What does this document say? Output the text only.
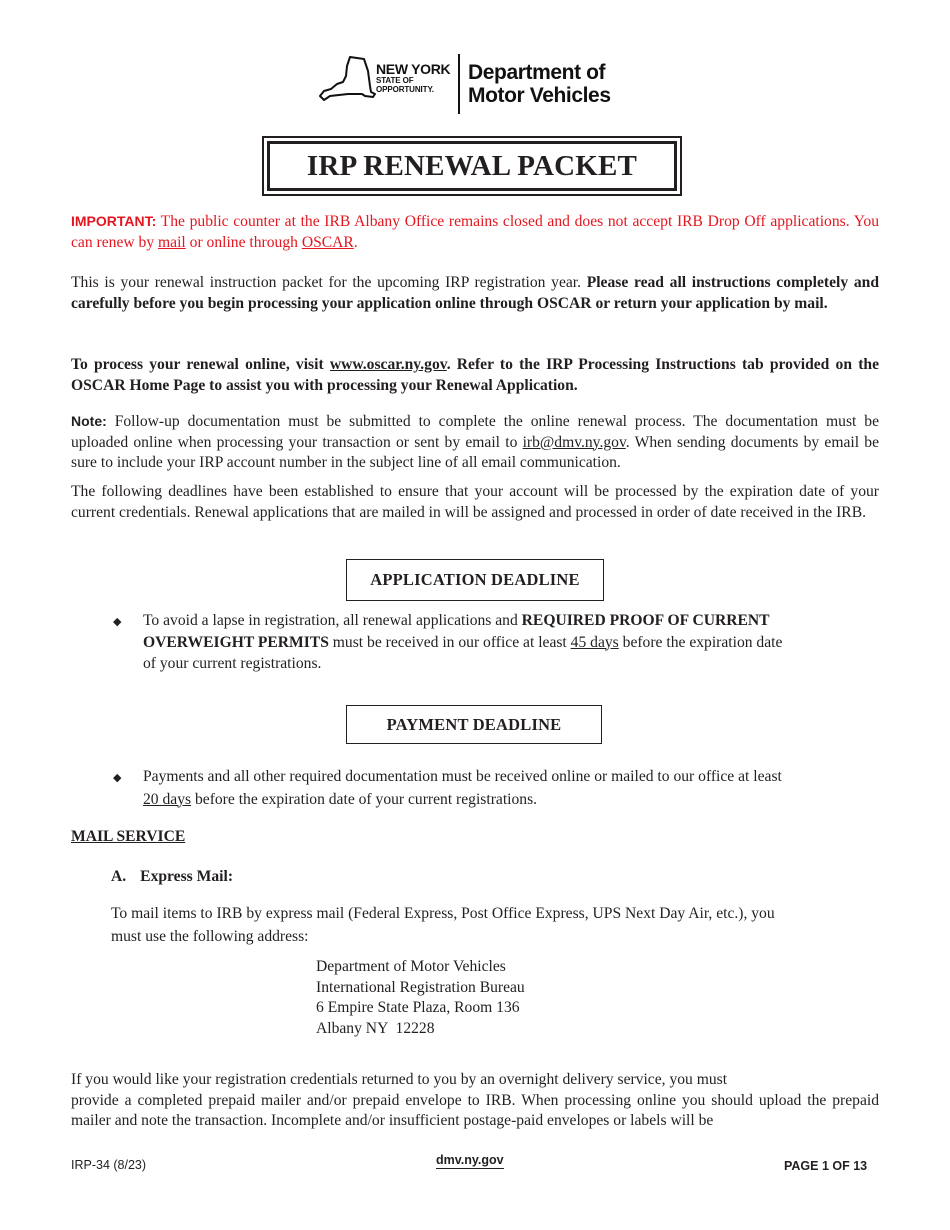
NEW YORK
STATE OF
OPPORTUNITY.
Department of
Motor Vehicles
IRP RENEWAL PACKET
IMPORTANT: The public counter at the IRB Albany Office remains closed and does not accept IRB Drop Off applications. You can renew by mail or online through OSCAR.
This is your renewal instruction packet for the upcoming IRP registration year. Please read all instructions completely and carefully before you begin processing your application online through OSCAR or return your application by mail.
To process your renewal online, visit www.oscar.ny.gov. Refer to the IRP Processing Instructions tab provided on the OSCAR Home Page to assist you with processing your Renewal Application.
Note: Follow-up documentation must be submitted to complete the online renewal process. The documentation must be uploaded online when processing your transaction or sent by email to irb@dmv.ny.gov. When sending documents by email be sure to include your IRP account number in the subject line of all email communication.
The following deadlines have been established to ensure that your account will be processed by the expiration date of your current credentials. Renewal applications that are mailed in will be assigned and processed in order of date received in the IRB.
APPLICATION DEADLINE
◆ To avoid a lapse in registration, all renewal applications and REQUIRED PROOF OF CURRENT
OVERWEIGHT PERMITS must be received in our office at least 45 days before the expiration date
of your current registrations.
PAYMENT DEADLINE
◆ Payments and all other required documentation must be received online or mailed to our office at least
20 days before the expiration date of your current registrations.
MAIL SERVICE
A. Express Mail:
To mail items to IRB by express mail (Federal Express, Post Office Express, UPS Next Day Air, etc.), you
must use the following address:
Department of Motor Vehicles
International Registration Bureau
6 Empire State Plaza, Room 136
Albany NY  12228
If you would like your registration credentials returned to you by an overnight delivery service, you must
provide a completed prepaid mailer and/or prepaid envelope to IRB. When processing online you should upload the prepaid mailer and note the transaction. Incomplete and/or insufficient postage-paid envelopes or labels will be
IRP-34 (8/23)	dmv.ny.gov	PAGE 1 OF 13
